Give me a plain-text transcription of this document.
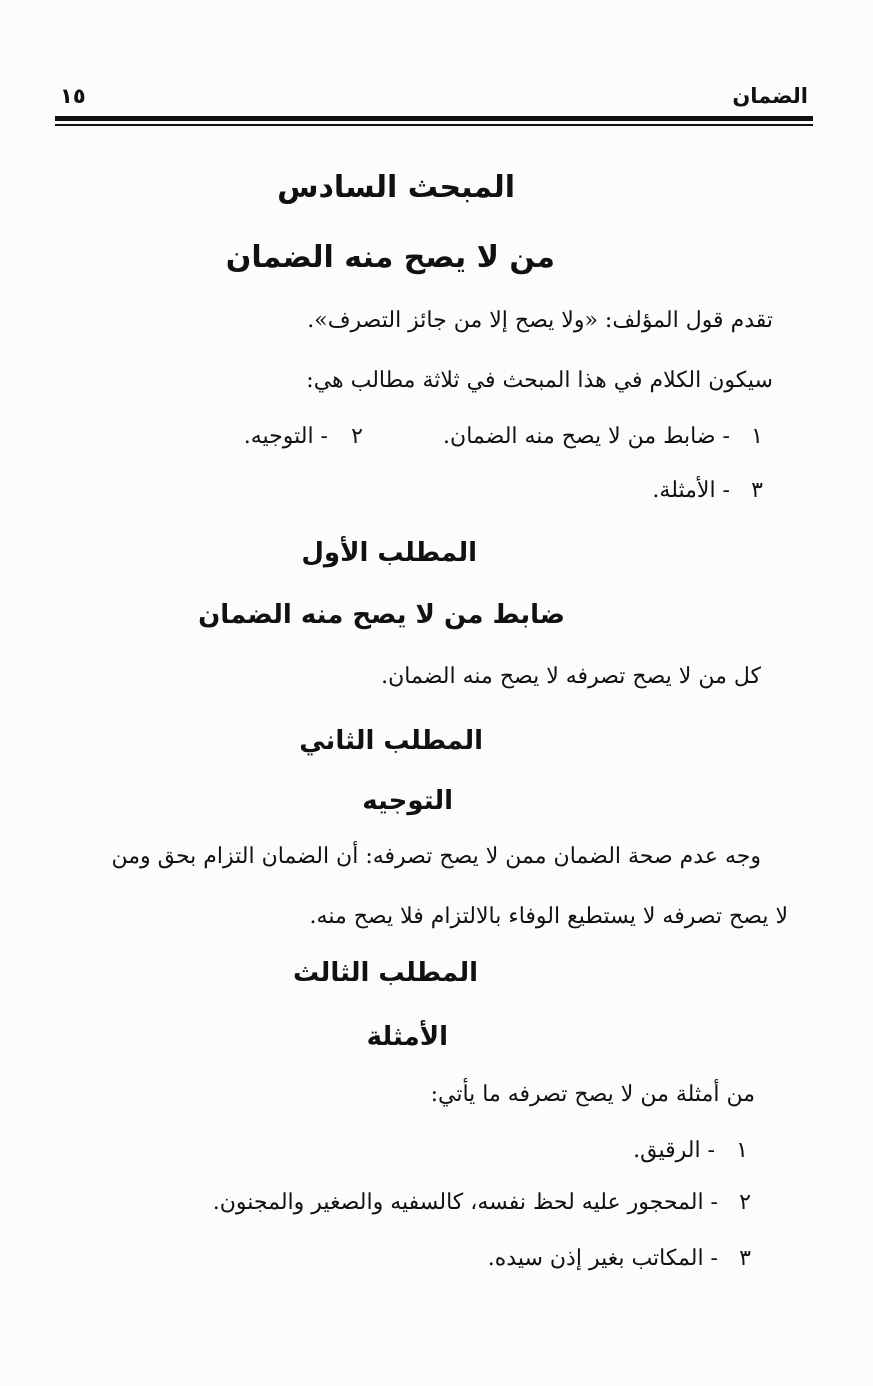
الضمان
١٥
المبحث السادس
من لا يصح منه الضمان
تقدم قول المؤلف: «ولا يصح إلا من جائز التصرف».
سيكون الكلام في هذا المبحث في ثلاثة مطالب هي:
١
- ضابط من لا يصح منه الضمان.
٢
- التوجيه.
٣
- الأمثلة.
المطلب الأول
ضابط من لا يصح منه الضمان
كل من لا يصح تصرفه لا يصح منه الضمان.
المطلب الثاني
التوجيه
وجه عدم صحة الضمان ممن لا يصح تصرفه: أن الضمان التزام بحق ومن
لا يصح تصرفه لا يستطيع الوفاء بالالتزام فلا يصح منه.
المطلب الثالث
الأمثلة
من أمثلة من لا يصح تصرفه ما يأتي:
١
- الرقيق.
٢
- المحجور عليه لحظ نفسه، كالسفيه والصغير والمجنون.
٣
- المكاتب بغير إذن سيده.
